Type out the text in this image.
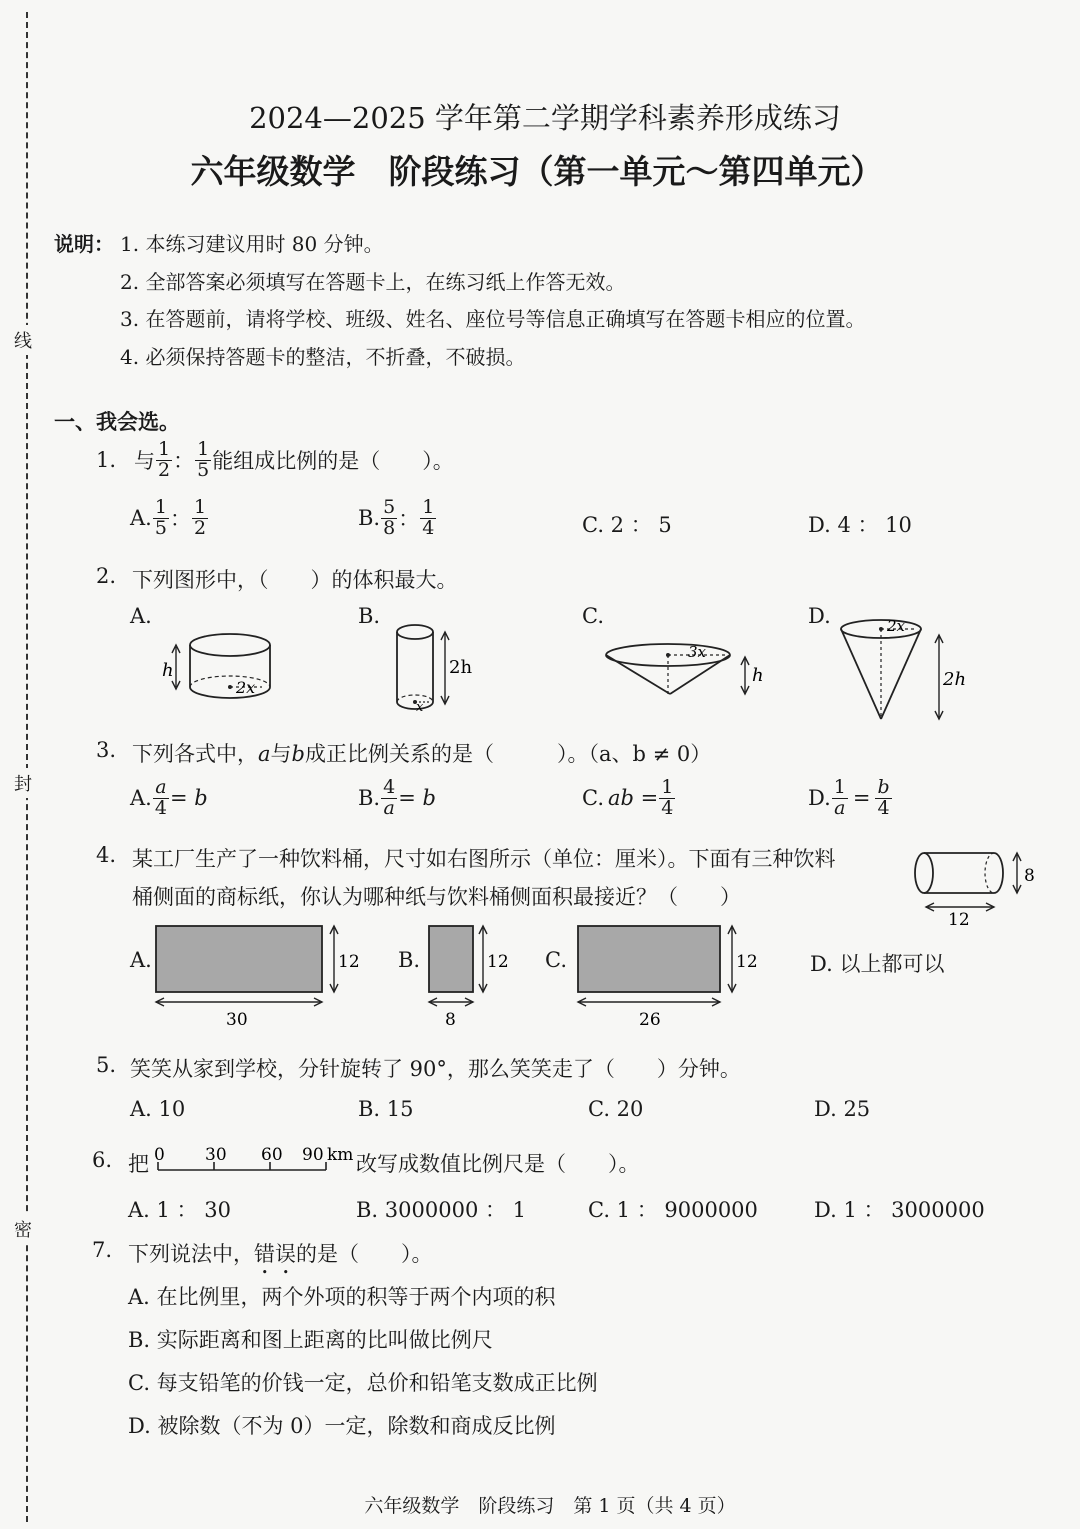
线
封
密
2024—2025 学年第二学期学科素养形成练习
六年级数学　阶段练习（第一单元～第四单元）
说明： 1. 本练习建议用时 80 分钟。
2. 全部答案必须填写在答题卡上，在练习纸上作答无效。
3. 在答题前，请将学校、班级、姓名、座位号等信息正确填写在答题卡相应的位置。
4. 必须保持答题卡的整洁，不折叠，不破损。
一、我会选。
1. 与 $\frac{1}{2}$ ： $\frac{1}{5}$ 能组成比例的是（　　）。
A. $\frac{1}{5}$ ： $\frac{1}{2}$	B. $\frac{5}{8}$ ： $\frac{1}{4}$	C. 2 ： 5	D. 4 ： 10
2. 下列图形中，（　　）的体积最大。
A.	B.	C.	D.
h
2x
2h
x
3x
h
2x
2h
3. 下列各式中，a与b成正比例关系的是（　　　）。（a、b ≠ 0）
A. $\frac{a}{4} = b$	B. $\frac{4}{a} = b$	C. ab = $\frac{1}{4}$	D. $\frac{1}{a} = \frac{b}{4}$
4. 某工厂生产了一种饮料桶，尺寸如右图所示（单位：厘米）。下面有三种饮料
桶侧面的商标纸，你认为哪种纸与饮料桶侧面积最接近？（　　）
8
12
A.	12
30
B.	12
8
C.	12
26
D. 以上都可以
5. 笑笑从家到学校，分针旋转了 90°，那么笑笑走了（　　）分钟。
A. 10	B. 15	C. 20	D. 25
6. 把 0 30 60 90 km 改写成数值比例尺是（　　）。
A. 1 ： 30	B. 3000000 ： 1	C. 1 ： 9000000	D. 1 ： 3000000
7. 下列说法中，错误的是（　　）。
A. 在比例里，两个外项的积等于两个内项的积
B. 实际距离和图上距离的比叫做比例尺
C. 每支铅笔的价钱一定，总价和铅笔支数成正比例
D. 被除数（不为 0）一定，除数和商成反比例
六年级数学　阶段练习　第 1 页（共 4 页）
